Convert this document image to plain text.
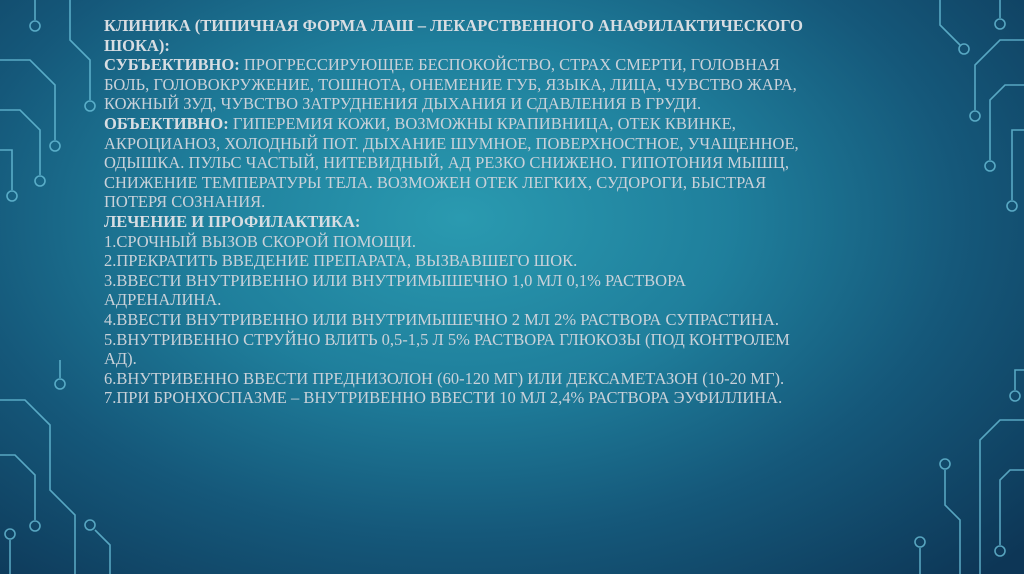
КЛИНИКА (ТИПИЧНАЯ ФОРМА ЛАШ – ЛЕКАРСТВЕННОГО АНАФИЛАКТИЧЕСКОГО
ШОКА):
СУБЪЕКТИВНО: ПРОГРЕССИРУЮЩЕЕ БЕСПОКОЙСТВО, СТРАХ СМЕРТИ, ГОЛОВНАЯ
БОЛЬ, ГОЛОВОКРУЖЕНИЕ, ТОШНОТА, ОНЕМЕНИЕ ГУБ, ЯЗЫКА, ЛИЦА, ЧУВСТВО ЖАРА,
КОЖНЫЙ ЗУД, ЧУВСТВО ЗАТРУДНЕНИЯ ДЫХАНИЯ И СДАВЛЕНИЯ В ГРУДИ.
ОБЪЕКТИВНО: ГИПЕРЕМИЯ КОЖИ, ВОЗМОЖНЫ КРАПИВНИЦА, ОТЕК КВИНКЕ,
АКРОЦИАНОЗ, ХОЛОДНЫЙ ПОТ. ДЫХАНИЕ ШУМНОЕ, ПОВЕРХНОСТНОЕ, УЧАЩЕННОЕ,
ОДЫШКА. ПУЛЬС ЧАСТЫЙ, НИТЕВИДНЫЙ, АД РЕЗКО СНИЖЕНО. ГИПОТОНИЯ МЫШЦ,
СНИЖЕНИЕ ТЕМПЕРАТУРЫ ТЕЛА. ВОЗМОЖЕН ОТЕК ЛЕГКИХ, СУДОРОГИ, БЫСТРАЯ
ПОТЕРЯ СОЗНАНИЯ.
ЛЕЧЕНИЕ И ПРОФИЛАКТИКА:
1.СРОЧНЫЙ ВЫЗОВ СКОРОЙ ПОМОЩИ.
2.ПРЕКРАТИТЬ ВВЕДЕНИЕ ПРЕПАРАТА, ВЫЗВАВШЕГО ШОК.
3.ВВЕСТИ ВНУТРИВЕННО ИЛИ ВНУТРИМЫШЕЧНО 1,0 МЛ 0,1% РАСТВОРА
АДРЕНАЛИНА.
4.ВВЕСТИ ВНУТРИВЕННО ИЛИ ВНУТРИМЫШЕЧНО 2 МЛ 2% РАСТВОРА СУПРАСТИНА.
5.ВНУТРИВЕННО СТРУЙНО ВЛИТЬ 0,5-1,5 Л 5% РАСТВОРА ГЛЮКОЗЫ (ПОД КОНТРОЛЕМ
АД).
6.ВНУТРИВЕННО ВВЕСТИ ПРЕДНИЗОЛОН (60-120 МГ) ИЛИ ДЕКСАМЕТАЗОН (10-20 МГ).
7.ПРИ БРОНХОСПАЗМЕ – ВНУТРИВЕННО ВВЕСТИ 10 МЛ 2,4% РАСТВОРА ЭУФИЛЛИНА.
